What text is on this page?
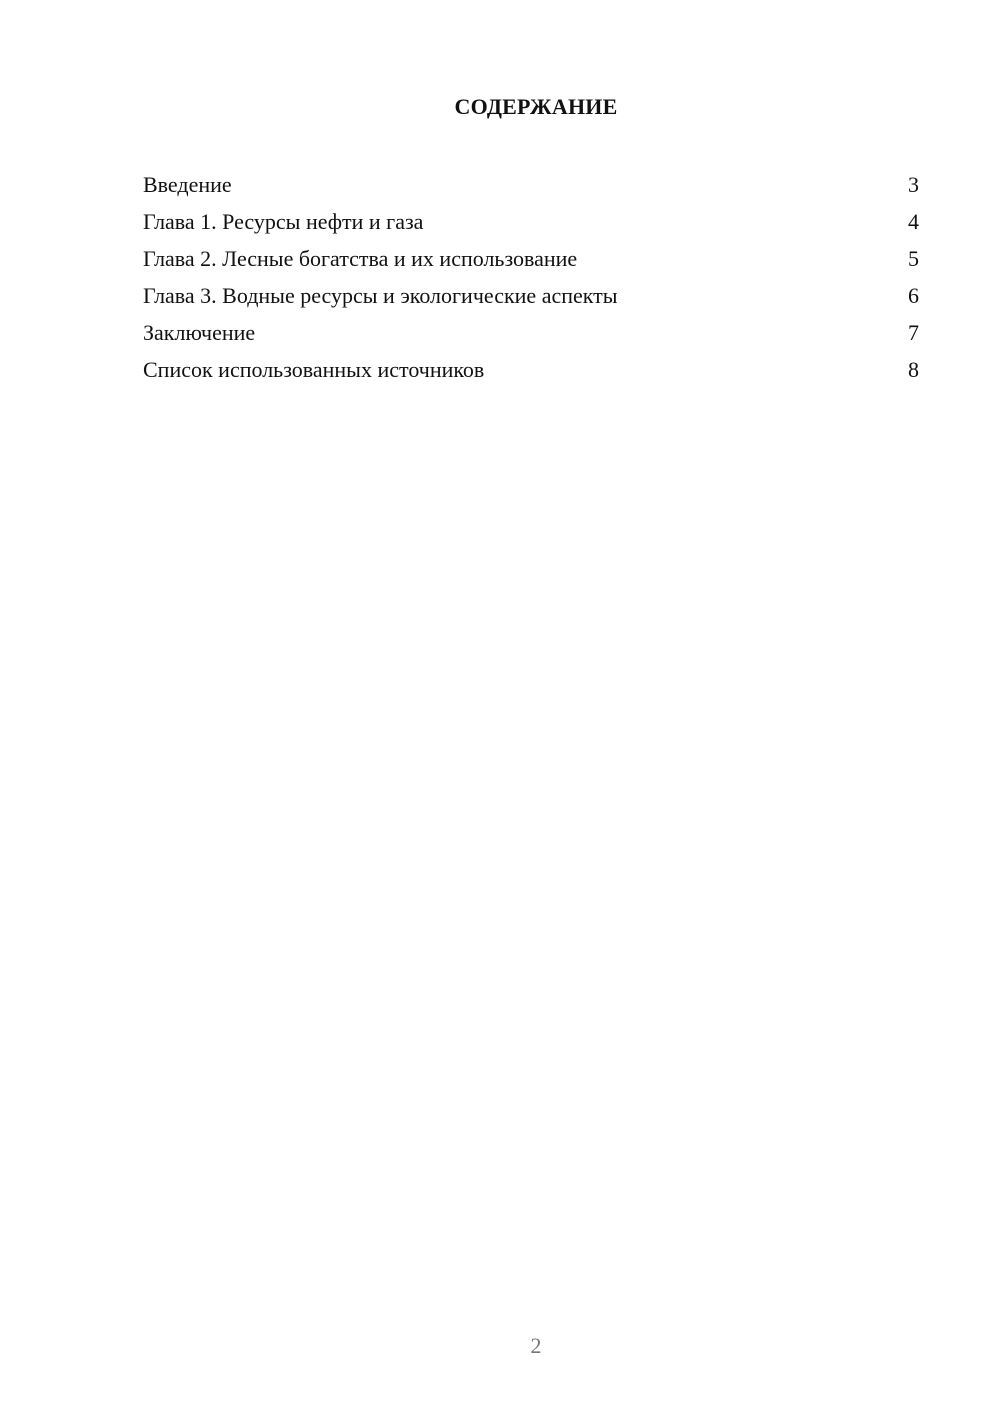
СОДЕРЖАНИЕ
Введение	3
Глава 1. Ресурсы нефти и газа	4
Глава 2. Лесные богатства и их использование	5
Глава 3. Водные ресурсы и экологические аспекты	6
Заключение	7
Список использованных источников	8
2
